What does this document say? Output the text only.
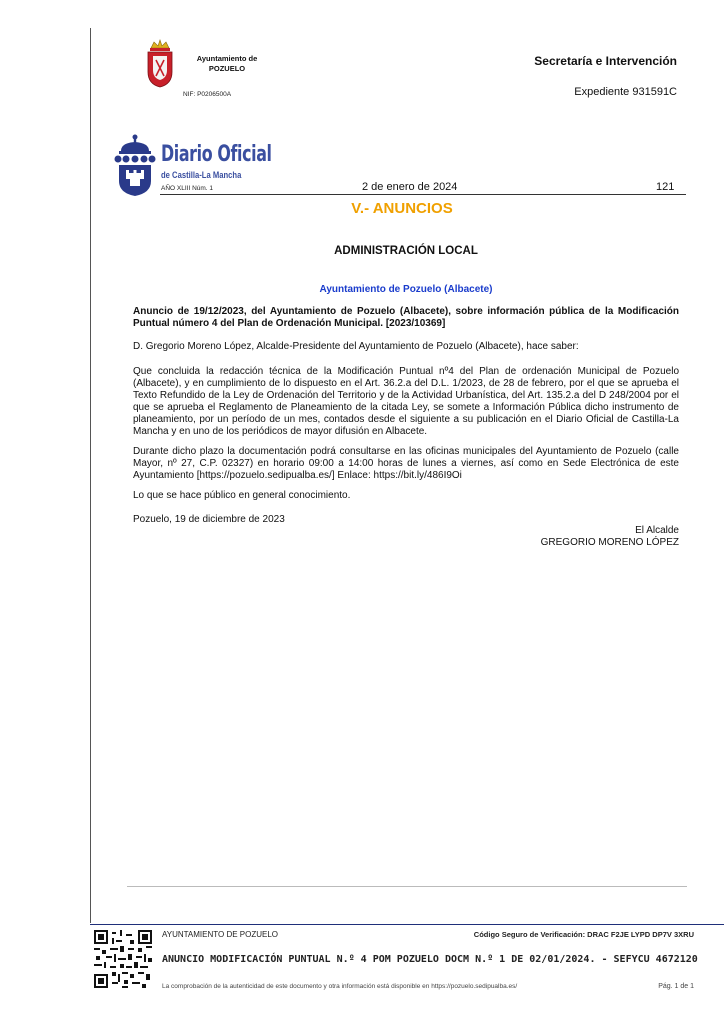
Ayuntamiento de
POZUELO
NIF: P0206500A
Secretaría e Intervención
Expediente 931591C
Diario Oficial
de Castilla-La Mancha
AÑO XLIII Núm. 1	2 de enero de 2024	121
V.- ANUNCIOS
ADMINISTRACIÓN LOCAL
Ayuntamiento de Pozuelo (Albacete)
Anuncio de 19/12/2023, del Ayuntamiento de Pozuelo (Albacete), sobre información pública de la Modificación Puntual número 4 del Plan de Ordenación Municipal. [2023/10369]
D. Gregorio Moreno López, Alcalde-Presidente del Ayuntamiento de Pozuelo (Albacete), hace saber:
Que concluida la redacción técnica de la Modificación Puntual nº4 del Plan de ordenación Municipal de Pozuelo (Albacete), y en cumplimiento de lo dispuesto en el Art. 36.2.a del D.L. 1/2023, de 28 de febrero, por el que se aprueba el Texto Refundido de la Ley de Ordenación del Territorio y de la Actividad Urbanística, del Art. 135.2.a del D 248/2004 por el que se aprueba el Reglamento de Planeamiento de la citada Ley, se somete a Información Pública dicho instrumento de planeamiento, por un período de un mes, contados desde el siguiente a su publicación en el Diario Oficial de Castilla-La Mancha y en uno de los periódicos de mayor difusión en Albacete.
Durante dicho plazo la documentación podrá consultarse en las oficinas municipales del Ayuntamiento de Pozuelo (calle Mayor, nº 27, C.P. 02327) en horario 09:00 a 14:00 horas de lunes a viernes, así como en Sede Electrónica de este Ayuntamiento [https://pozuelo.sedipualba.es/] Enlace: https://bit.ly/486I9Oi
Lo que se hace público en general conocimiento.
Pozuelo, 19 de diciembre de 2023
El Alcalde
GREGORIO MORENO LÓPEZ
AYUNTAMIENTO DE POZUELO	Código Seguro de Verificación: DRAC F2JE LYPD DP7V 3XRU
ANUNCIO MODIFICACIÓN PUNTUAL N.º 4 POM POZUELO DOCM N.º 1 DE 02/01/2024. - SEFYCU 4672120
La comprobación de la autenticidad de este documento y otra información está disponible en https://pozuelo.sedipualba.es/	Pág. 1 de 1
